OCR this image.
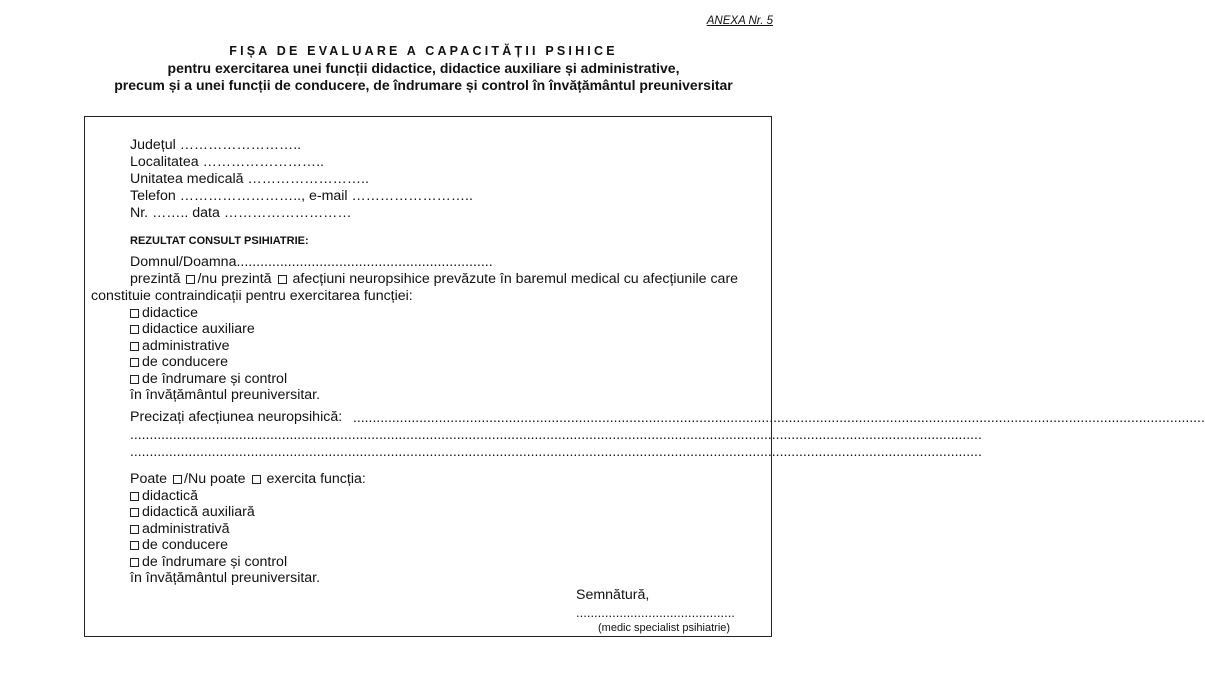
ANEXA Nr. 5
FIȘA DE EVALUARE A CAPACITĂȚII PSIHICE
pentru exercitarea unei funcții didactice, didactice auxiliare și administrative,
precum și a unei funcții de conducere, de îndrumare și control în învățământul preuniversitar
Județul ……………………..
Localitatea ……………………..
Unitatea medicală ……………………..
Telefon …………………….., e-mail ……………………..
Nr. …….. data ………………………
REZULTAT CONSULT PSIHIATRIE:
Domnul/Doamna.................................................................
prezintă /nu prezintă afecțiuni neuropsihice prevăzute în baremul medical cu afecțiunile care
constituie contraindicații pentru exercitarea funcției:
didactice
didactice auxiliare
administrative
de conducere
de îndrumare și control
în învățământul preuniversitar.
Precizați afecțiunea neuropsihică: ...........................................................................................................................................................................................................................
...........................................................................................................................................................................................................................
...........................................................................................................................................................................................................................
Poate /Nu poate exercita funcția:
didactică
didactică auxiliară
administrativă
de conducere
de îndrumare și control
în învățământul preuniversitar.
Semnătură,
............................................
(medic specialist psihiatrie)
